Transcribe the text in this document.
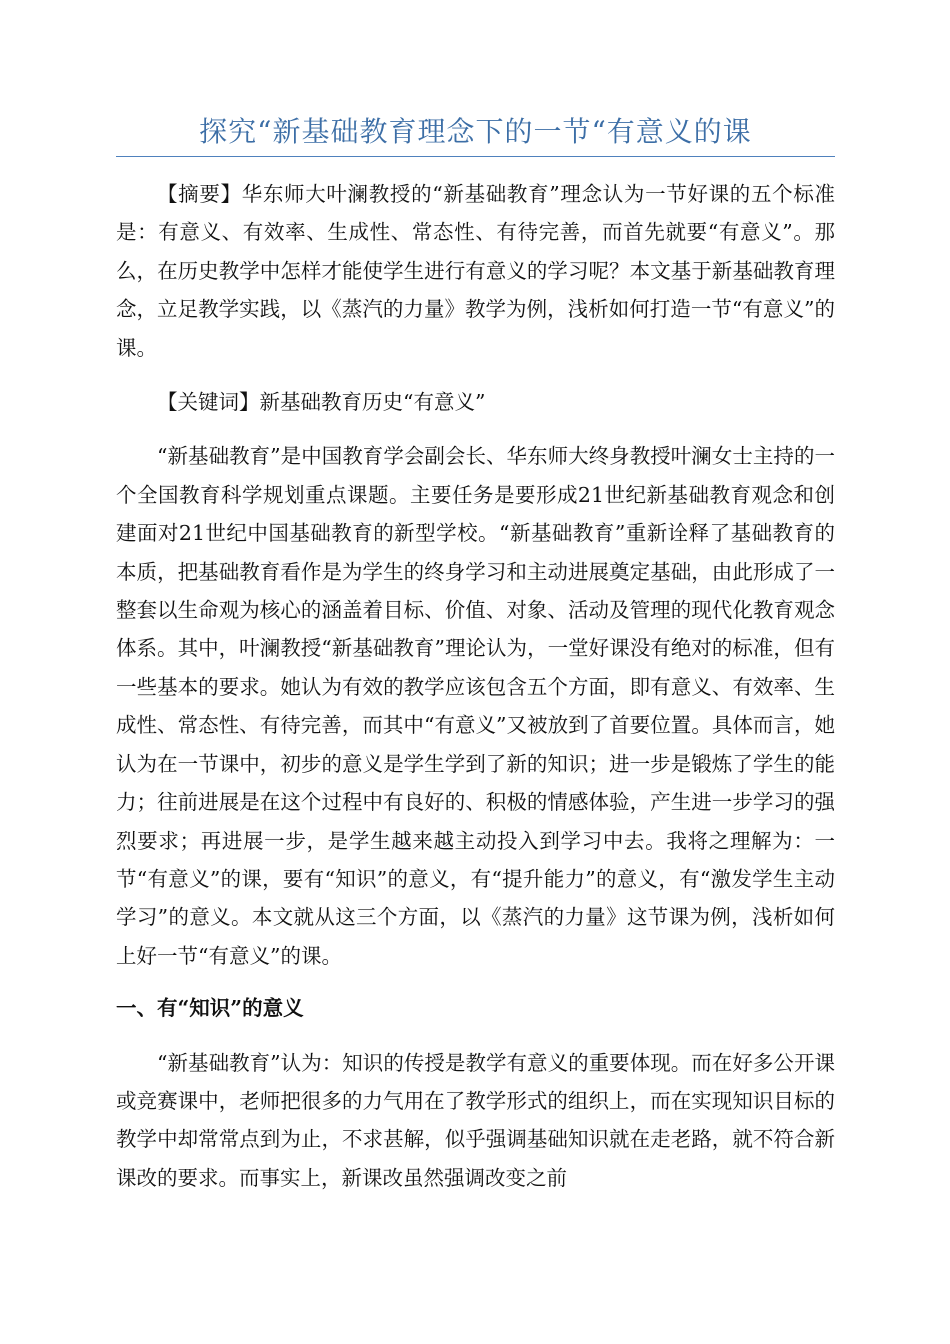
探究“新基础教育理念下的一节“有意义的课

【摘要】华东师大叶澜教授的“新基础教育”理念认为一节好课的五个标准是：有意义、有效率、生成性、常态性、有待完善，而首先就要“有意义”。那么，在历史教学中怎样才能使学生进行有意义的学习呢？本文基于新基础教育理念，立足教学实践，以《蒸汽的力量》教学为例，浅析如何打造一节“有意义”的课。

【关键词】新基础教育历史“有意义”

“新基础教育”是中国教育学会副会长、华东师大终身教授叶澜女士主持的一个全国教育科学规划重点课题。主要任务是要形成21世纪新基础教育观念和创建面对21世纪中国基础教育的新型学校。“新基础教育”重新诠释了基础教育的本质，把基础教育看作是为学生的终身学习和主动进展奠定基础，由此形成了一整套以生命观为核心的涵盖着目标、价值、对象、活动及管理的现代化教育观念体系。其中，叶澜教授“新基础教育”理论认为，一堂好课没有绝对的标准，但有一些基本的要求。她认为有效的教学应该包含五个方面，即有意义、有效率、生成性、常态性、有待完善，而其中“有意义”又被放到了首要位置。具体而言，她认为在一节课中，初步的意义是学生学到了新的知识；进一步是锻炼了学生的能力；往前进展是在这个过程中有良好的、积极的情感体验，产生进一步学习的强烈要求；再进展一步，是学生越来越主动投入到学习中去。我将之理解为：一节“有意义”的课，要有“知识”的意义，有“提升能力”的意义，有“激发学生主动学习”的意义。本文就从这三个方面，以《蒸汽的力量》这节课为例，浅析如何上好一节“有意义”的课。

一、有“知识”的意义

“新基础教育”认为：知识的传授是教学有意义的重要体现。而在好多公开课或竞赛课中，老师把很多的力气用在了教学形式的组织上，而在实现知识目标的教学中却常常点到为止，不求甚解，似乎强调基础知识就在走老路，就不符合新课改的要求。而事实上，新课改虽然强调改变之前
